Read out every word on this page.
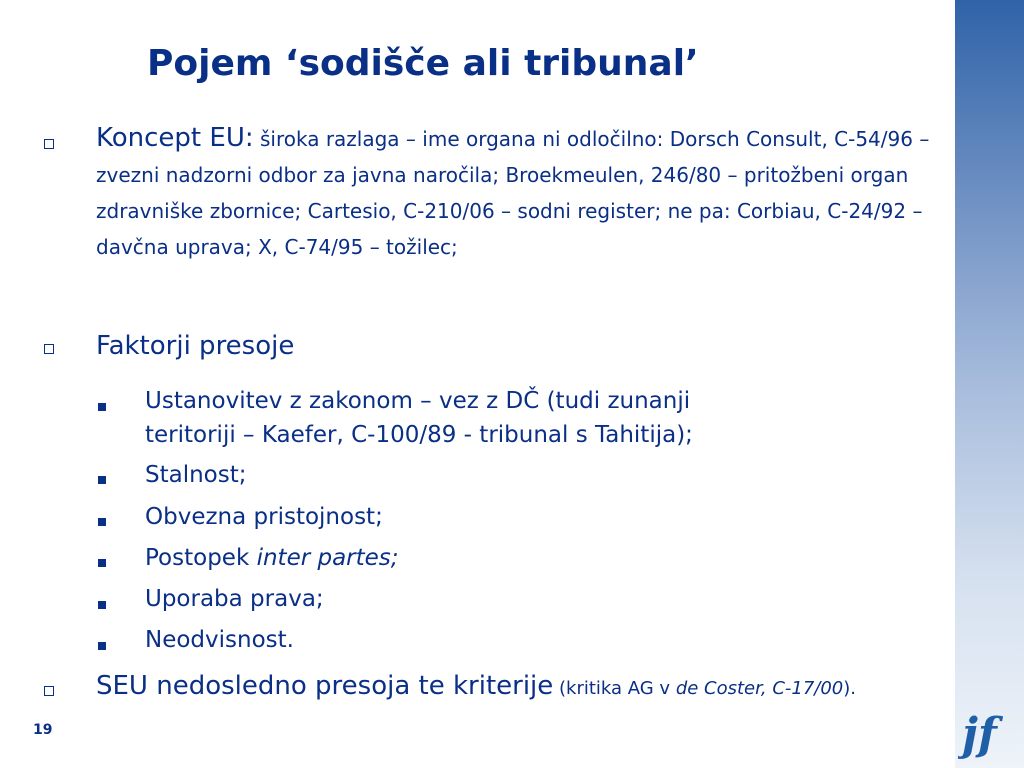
Pojem ‘sodišče ali tribunal’

Koncept EU: široka razlaga – ime organa ni odločilno: Dorsch Consult, C-54/96 – zvezni nadzorni odbor za javna naročila; Broekmeulen, 246/80 – pritožbeni organ zdravniške zbornice; Cartesio, C-210/06 – sodni register; ne pa: Corbiau, C-24/92 – davčna uprava; X, C-74/95 – tožilec;

Faktorji presoje

Ustanovitev z zakonom – vez z DČ (tudi zunanji
teritoriji – Kaefer, C-100/89 - tribunal s Tahitija);

Stalnost;

Obvezna pristojnost;

Postopek inter partes;

Uporaba prava;

Neodvisnost.

SEU nedosledno presoja te kriterije (kritika AG v de Coster, C-17/00).

19	jf
